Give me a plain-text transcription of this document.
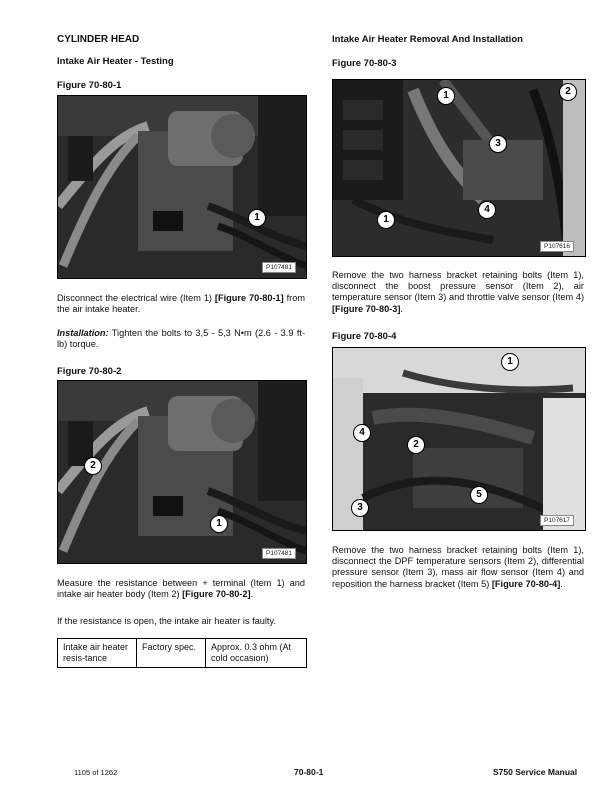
CYLINDER HEAD
Intake Air Heater - Testing
Figure 70-80-1
P107481
1
Disconnect the electrical wire (Item 1) [Figure 70-80-1] from the air intake heater.
Installation: Tighten the bolts to 3,5 - 5,3 N•m (2.6 - 3.9 ft-lb) torque.
Figure 70-80-2
P107481
2
1
Measure the resistance between + terminal (Item 1) and intake air heater body (Item 2) [Figure 70-80-2].
If the resistance is open, the intake air heater is faulty.
Intake air heater resis-tance	Factory spec.	Approx. 0.3 ohm (At cold occasion)
Intake Air Heater Removal And Installation
Figure 70-80-3
P107616
1	2
3
1
4
Remove the two harness bracket retaining bolts (Item 1), disconnect the boost pressure sensor (Item 2), air temperature sensor (Item 3) and throttle valve sensor (Item 4) [Figure 70-80-3].
Figure 70-80-4
P107617
1
4
2
5
3
Remove the two harness bracket retaining bolts (Item 1), disconnect the DPF temperature sensors (Item 2), differential pressure sensor (Item 3), mass air flow sensor (Item 4) and reposition the harness bracket (Item 5) [Figure 70-80-4].
1105 of 1262	70-80-1	S750 Service Manual
